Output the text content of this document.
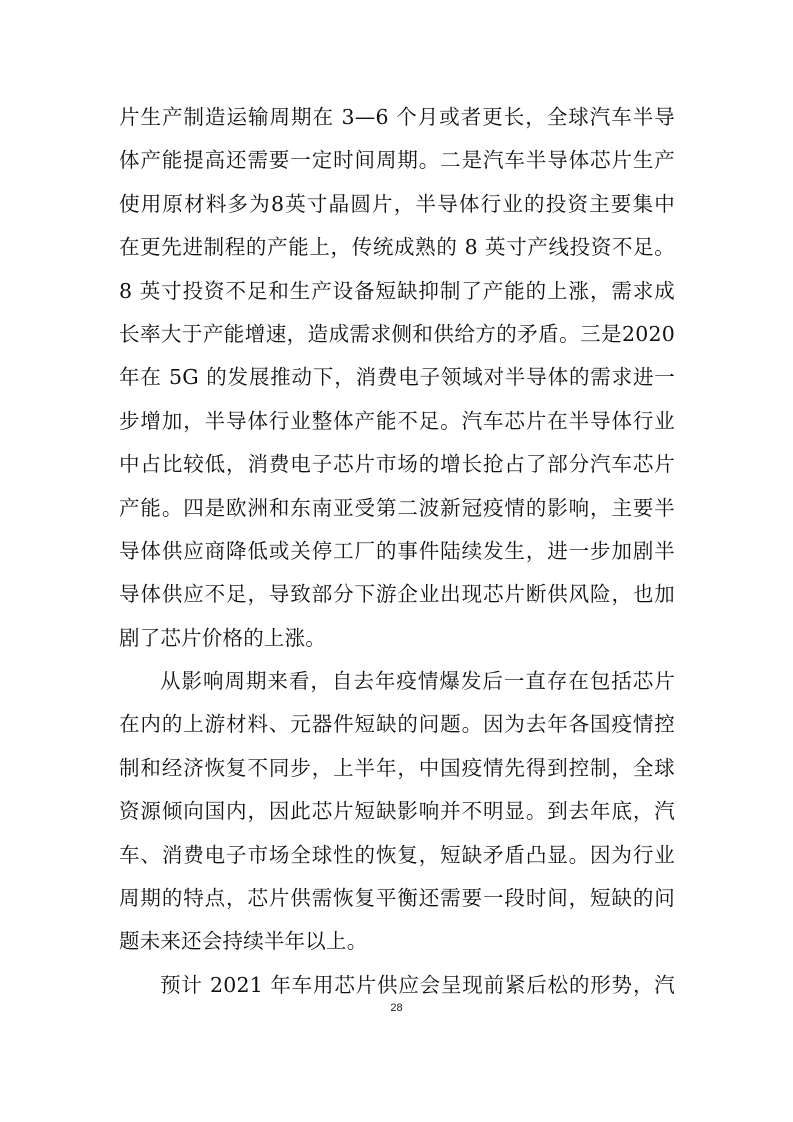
片生产制造运输周期在 3—6 个月或者更长，全球汽车半导
体产能提高还需要一定时间周期。二是汽车半导体芯片生产
使用原材料多为8英寸晶圆片，半导体行业的投资主要集中
在更先进制程的产能上，传统成熟的 8 英寸产线投资不足。
8 英寸投资不足和生产设备短缺抑制了产能的上涨，需求成
长率大于产能增速，造成需求侧和供给方的矛盾。三是2020
年在 5G 的发展推动下，消费电子领域对半导体的需求进一
步增加，半导体行业整体产能不足。汽车芯片在半导体行业
中占比较低，消费电子芯片市场的增长抢占了部分汽车芯片
产能。四是欧洲和东南亚受第二波新冠疫情的影响，主要半
导体供应商降低或关停工厂的事件陆续发生，进一步加剧半
导体供应不足，导致部分下游企业出现芯片断供风险，也加
剧了芯片价格的上涨。
从影响周期来看，自去年疫情爆发后一直存在包括芯片
在内的上游材料、元器件短缺的问题。因为去年各国疫情控
制和经济恢复不同步，上半年，中国疫情先得到控制，全球
资源倾向国内，因此芯片短缺影响并不明显。到去年底，汽
车、消费电子市场全球性的恢复，短缺矛盾凸显。因为行业
周期的特点，芯片供需恢复平衡还需要一段时间，短缺的问
题未来还会持续半年以上。
预计 2021 年车用芯片供应会呈现前紧后松的形势，汽
28
